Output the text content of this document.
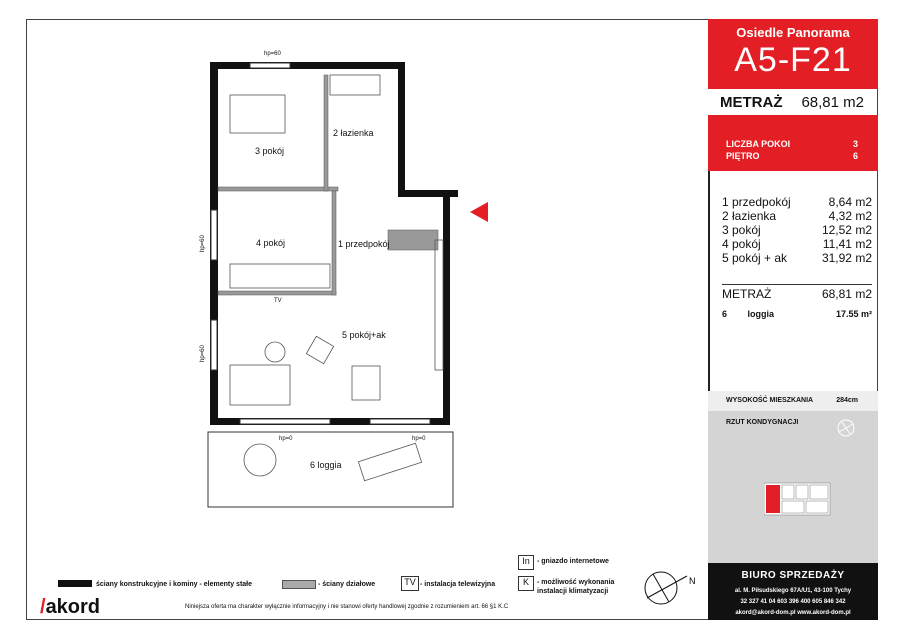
3 pokój
2 łazienka
4 pokój	1 przedpokój
5 pokój+ak
6 loggia
TV
hp=60
hp=60
hp=60
hp=0	hp=0
Osiedle Panorama
A5-F21
METRAŻ 68,81 m2
LICZBA POKOI	3
PIĘTRO	6
1 przedpokój	8,64 m2
2 łazienka	4,32 m2
3 pokój	12,52 m2
4 pokój	11,41 m2
5 pokój + ak	31,92 m2
METRAŻ	68,81 m2
6 loggia	17.55 m²
WYSOKOŚĆ MIESZKANIA	284cm
RZUT KONDYGNACJI
BIURO SPRZEDAŻY
al. M. Piłsudskiego 67A/U1, 43-100 Tychy
32 327 41 04 603 396 400 605 846 342
akord@akord-dom.pl www.akord-dom.pl
ściany konstrukcyjne i kominy - elementy stałe	- ściany działowe	TV - instalacja telewizyjna
In	- gniazdo internetowe
K	- możliwość wykonania
instalacji klimatyzacji
N
/akord	Niniejsza oferta ma charakter wyłącznie informacyjny i nie stanowi oferty handlowej zgodnie z rozumieniem art. 66 §1 K.C
